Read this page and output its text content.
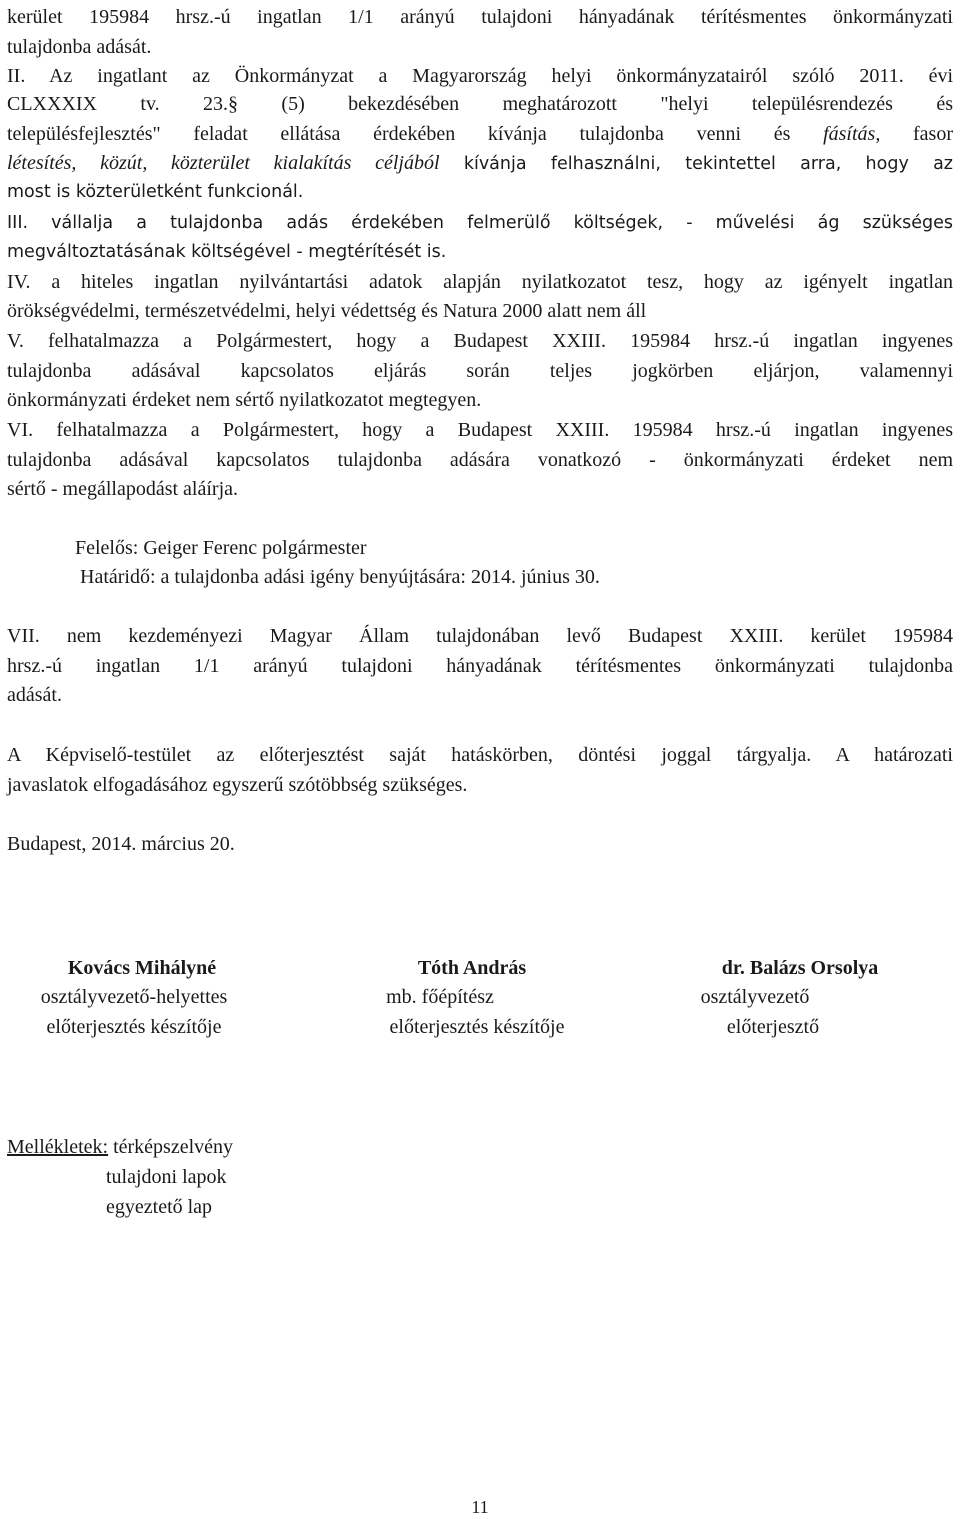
kerület 195984 hrsz.-ú ingatlan 1/1 arányú tulajdoni hányadának térítésmentes önkormányzati
tulajdonba adását.
II. Az ingatlant az Önkormányzat a Magyarország helyi önkormányzatairól szóló 2011. évi
CLXXXIX tv. 23.§ (5) bekezdésében meghatározott "helyi településrendezés és
településfejlesztés" feladat ellátása érdekében kívánja tulajdonba venni és fásítás, fasor
létesítés, közút, közterület kialakítás céljából kívánja felhasználni, tekintettel arra, hogy az
most is közterületként funkcionál.
III. vállalja a tulajdonba adás érdekében felmerülő költségek, - művelési ág szükséges
megváltoztatásának költségével - megtérítését is.
IV. a hiteles ingatlan nyilvántartási adatok alapján nyilatkozatot tesz, hogy az igényelt ingatlan
örökségvédelmi, természetvédelmi, helyi védettség és Natura 2000 alatt nem áll
V. felhatalmazza a Polgármestert, hogy a Budapest XXIII. 195984 hrsz.-ú ingatlan ingyenes
tulajdonba adásával kapcsolatos eljárás során teljes jogkörben eljárjon, valamennyi
önkormányzati érdeket nem sértő nyilatkozatot megtegyen.
VI. felhatalmazza a Polgármestert, hogy a Budapest XXIII. 195984 hrsz.-ú ingatlan ingyenes
tulajdonba adásával kapcsolatos tulajdonba adására vonatkozó - önkormányzati érdeket nem
sértő - megállapodást aláírja.
Felelős: Geiger Ferenc polgármester
Határidő: a tulajdonba adási igény benyújtására: 2014. június 30.
VII. nem kezdeményezi Magyar Állam tulajdonában levő Budapest XXIII. kerület 195984
hrsz.-ú ingatlan 1/1 arányú tulajdoni hányadának térítésmentes önkormányzati tulajdonba
adását.
A Képviselő-testület az előterjesztést saját hatáskörben, döntési joggal tárgyalja. A határozati
javaslatok elfogadásához egyszerű szótöbbség szükséges.
Budapest, 2014. március 20.
Kovács Mihályné
osztályvezető-helyettes
előterjesztés készítője
Tóth András
mb. főépítész
előterjesztés készítője
dr. Balázs Orsolya
osztályvezető
előterjesztő
Mellékletek: térképszelvény
tulajdoni lapok
egyeztető lap
11
